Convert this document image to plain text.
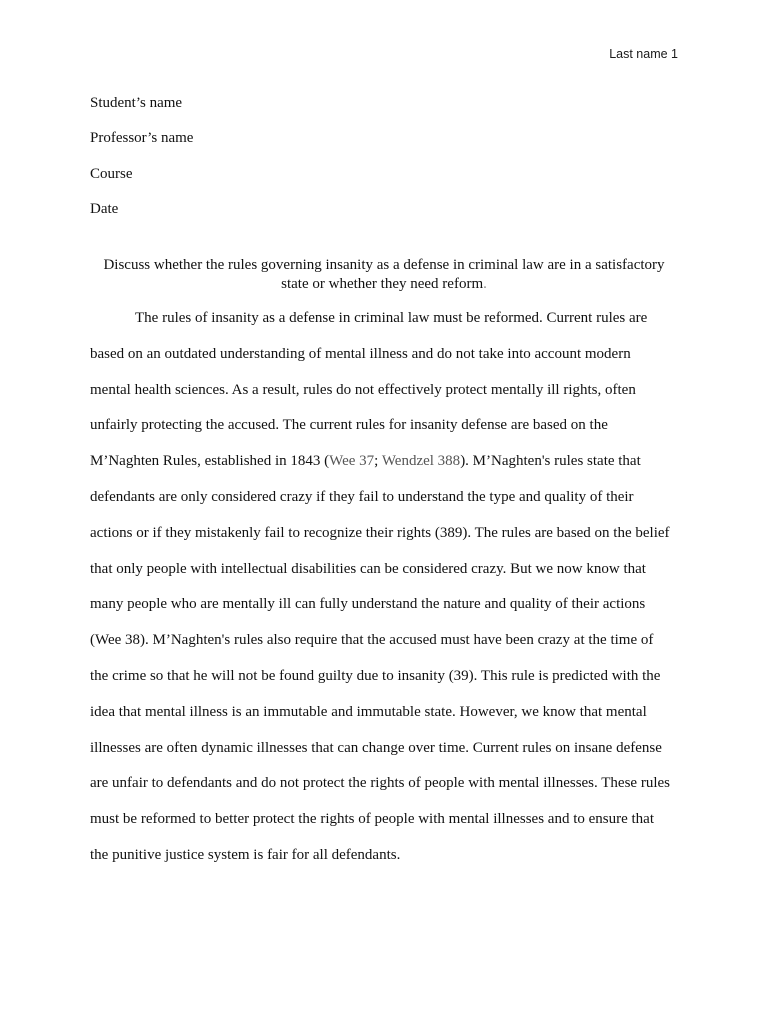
Last name 1
Student’s name
Professor’s name
Course
Date
Discuss whether the rules governing insanity as a defense in criminal law are in a satisfactory
state or whether they need reform.
The rules of insanity as a defense in criminal law must be reformed. Current rules are
based on an outdated understanding of mental illness and do not take into account modern
mental health sciences. As a result, rules do not effectively protect mentally ill rights, often
unfairly protecting the accused. The current rules for insanity defense are based on the
M’Naghten Rules, established in 1843 (Wee 37; Wendzel 388). M’Naghten's rules state that
defendants are only considered crazy if they fail to understand the type and quality of their
actions or if they mistakenly fail to recognize their rights (389). The rules are based on the belief
that only people with intellectual disabilities can be considered crazy. But we now know that
many people who are mentally ill can fully understand the nature and quality of their actions
(Wee 38). M’Naghten's rules also require that the accused must have been crazy at the time of
the crime so that he will not be found guilty due to insanity (39). This rule is predicted with the
idea that mental illness is an immutable and immutable state. However, we know that mental
illnesses are often dynamic illnesses that can change over time. Current rules on insane defense
are unfair to defendants and do not protect the rights of people with mental illnesses. These rules
must be reformed to better protect the rights of people with mental illnesses and to ensure that
the punitive justice system is fair for all defendants.
